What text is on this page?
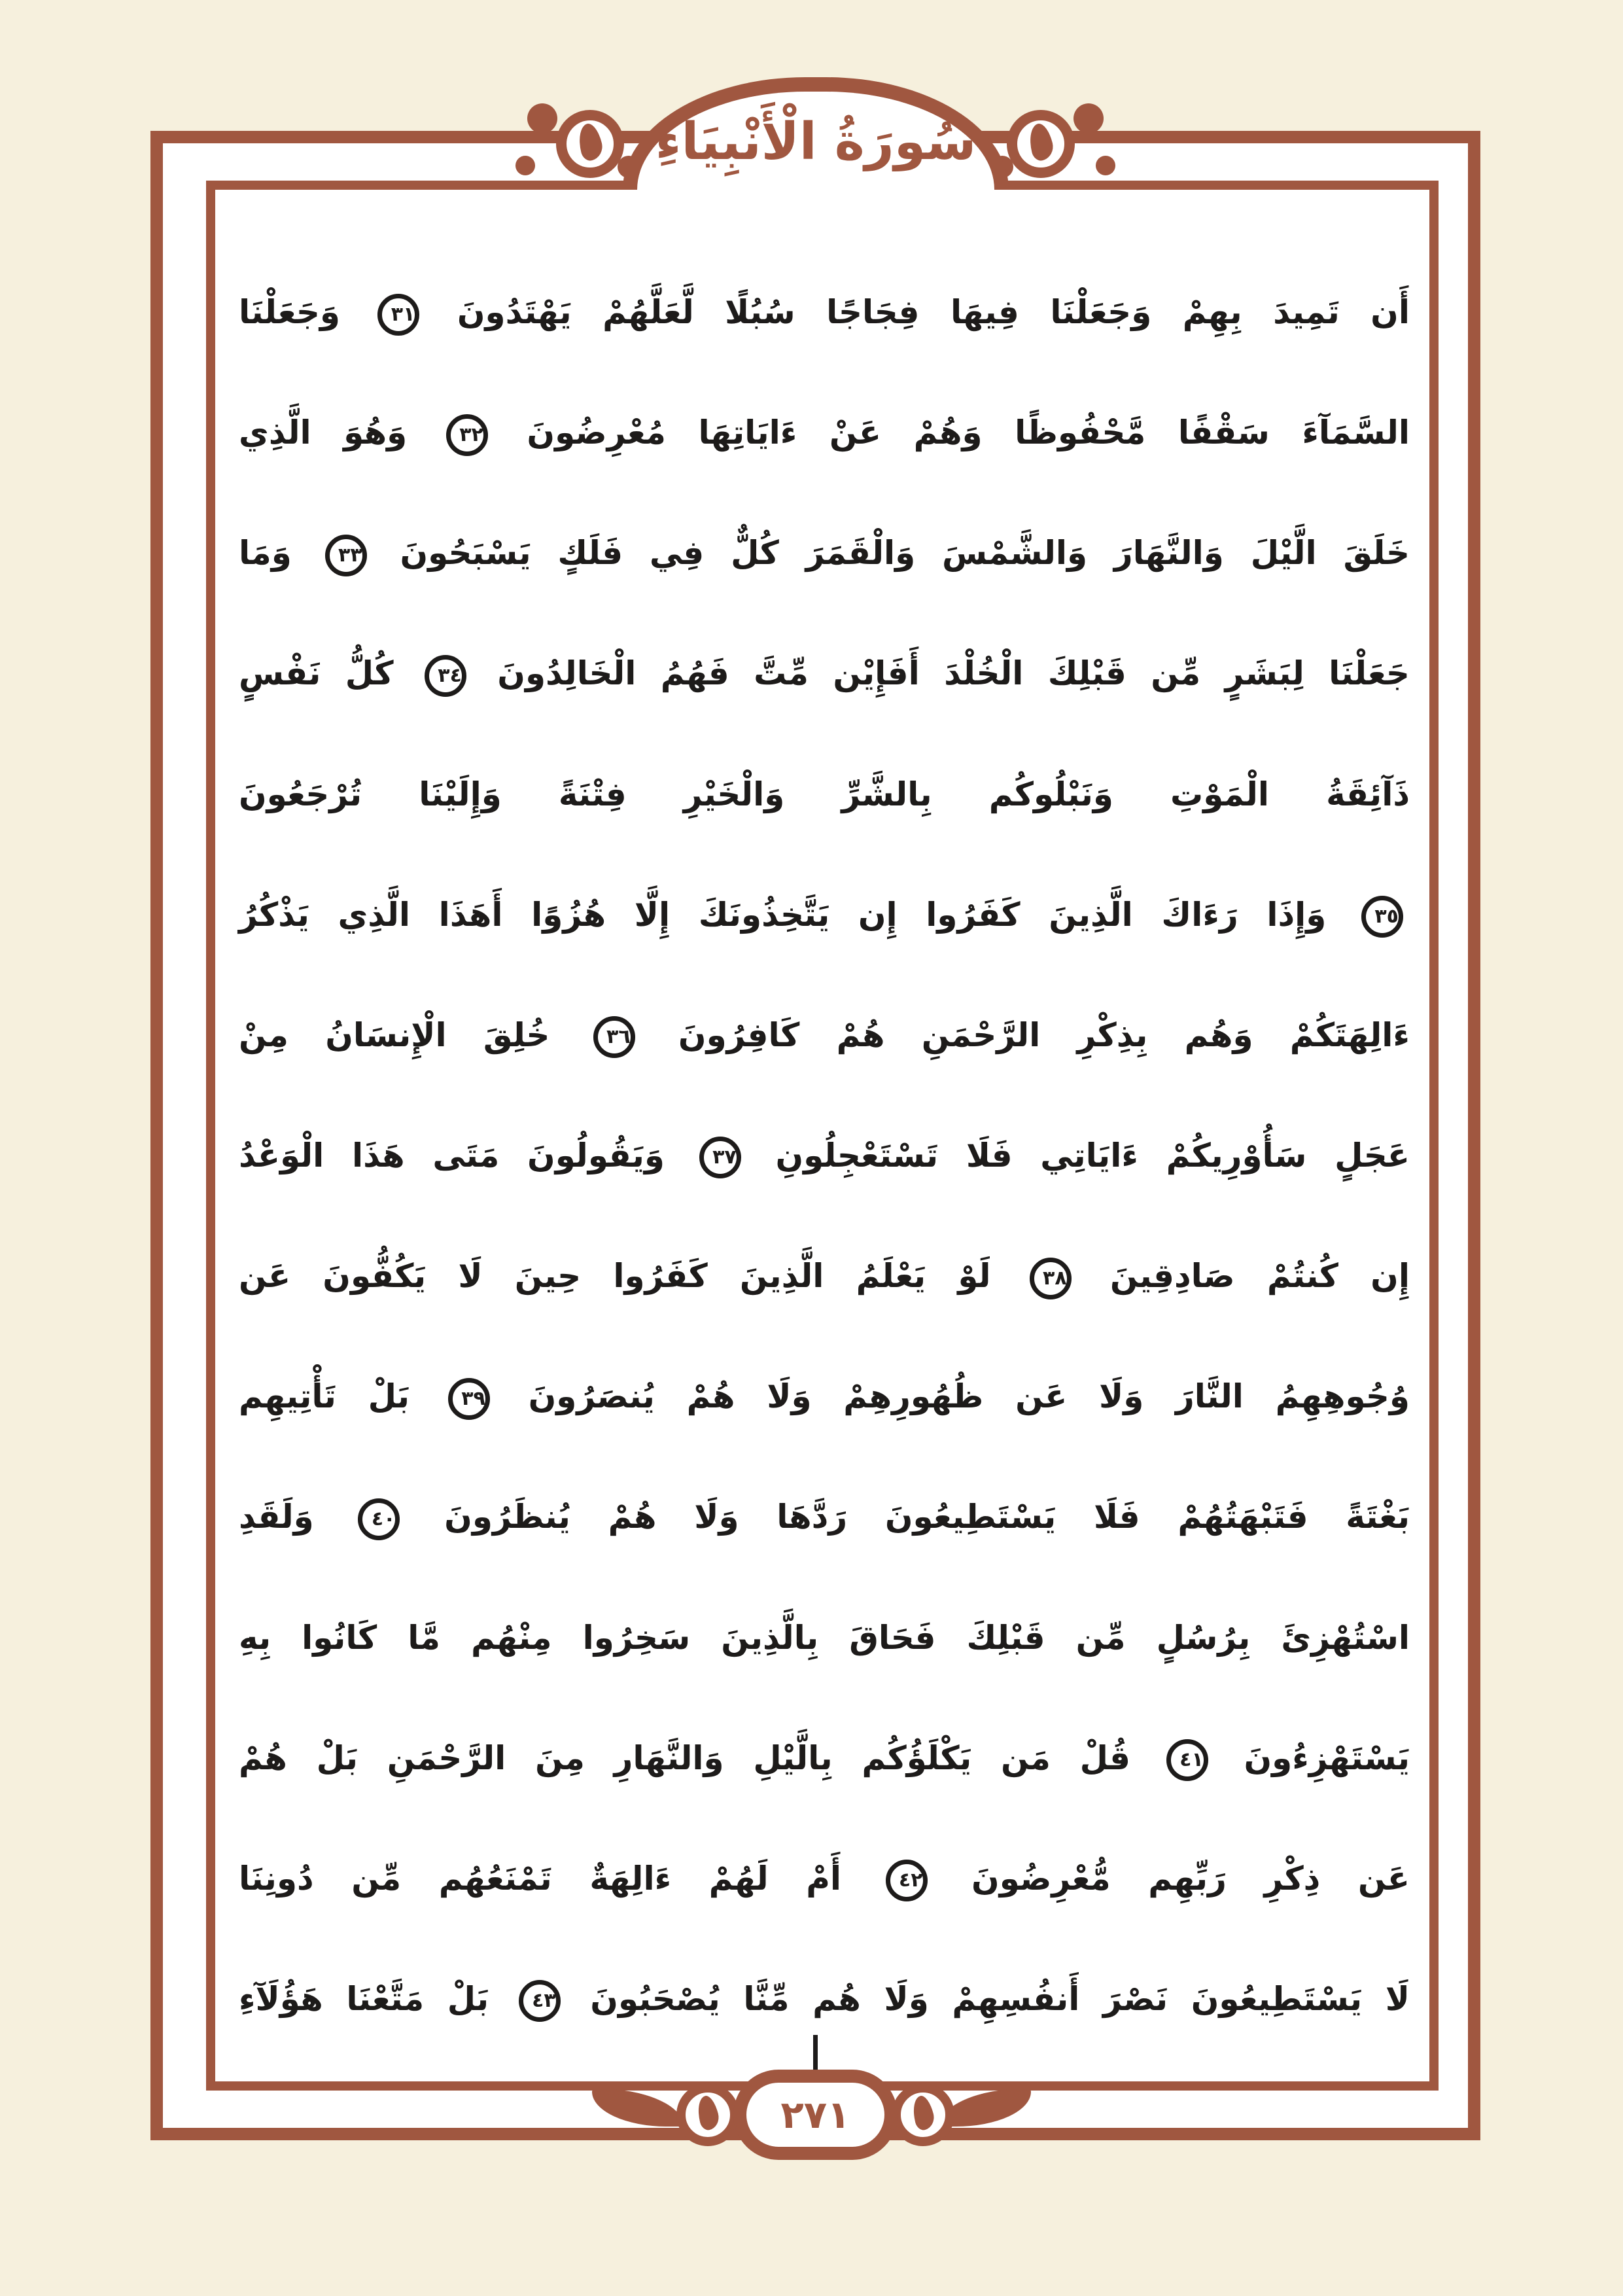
سُورَةُ الْأَنْبِيَاءِ
أَن تَمِيدَ بِهِمْ وَجَعَلْنَا فِيهَا فِجَاجًا سُبُلًا لَّعَلَّهُمْ يَهْتَدُونَ ٣١ وَجَعَلْنَا
السَّمَآءَ سَقْفًا مَّحْفُوظًا وَهُمْ عَنْ ءَايَاتِهَا مُعْرِضُونَ ٣٢ وَهُوَ الَّذِي
خَلَقَ الَّيْلَ وَالنَّهَارَ وَالشَّمْسَ وَالْقَمَرَ كُلٌّ فِي فَلَكٍ يَسْبَحُونَ ٣٣ وَمَا
جَعَلْنَا لِبَشَرٍ مِّن قَبْلِكَ الْخُلْدَ أَفَإِيْن مِّتَّ فَهُمُ الْخَالِدُونَ ٣٤ كُلُّ نَفْسٍ
ذَآئِقَةُ الْمَوْتِ وَنَبْلُوكُم بِالشَّرِّ وَالْخَيْرِ فِتْنَةً وَإِلَيْنَا تُرْجَعُونَ
٣٥ وَإِذَا رَءَاكَ الَّذِينَ كَفَرُوا إِن يَتَّخِذُونَكَ إِلَّا هُزُوًا أَهَذَا الَّذِي يَذْكُرُ
ءَالِهَتَكُمْ وَهُم بِذِكْرِ الرَّحْمَنِ هُمْ كَافِرُونَ ٣٦ خُلِقَ الْإِنسَانُ مِنْ
عَجَلٍ سَأُوْرِيكُمْ ءَايَاتِي فَلَا تَسْتَعْجِلُونِ ٣٧ وَيَقُولُونَ مَتَى هَذَا الْوَعْدُ
إِن كُنتُمْ صَادِقِينَ ٣٨ لَوْ يَعْلَمُ الَّذِينَ كَفَرُوا حِينَ لَا يَكُفُّونَ عَن
وُجُوهِهِمُ النَّارَ وَلَا عَن ظُهُورِهِمْ وَلَا هُمْ يُنصَرُونَ ٣٩ بَلْ تَأْتِيهِم
بَغْتَةً فَتَبْهَتُهُمْ فَلَا يَسْتَطِيعُونَ رَدَّهَا وَلَا هُمْ يُنظَرُونَ ٤٠ وَلَقَدِ
اسْتُهْزِئَ بِرُسُلٍ مِّن قَبْلِكَ فَحَاقَ بِالَّذِينَ سَخِرُوا مِنْهُم مَّا كَانُوا بِهِ
يَسْتَهْزِءُونَ ٤١ قُلْ مَن يَكْلَؤُكُم بِالَّيْلِ وَالنَّهَارِ مِنَ الرَّحْمَنِ بَلْ هُمْ
عَن ذِكْرِ رَبِّهِم مُّعْرِضُونَ ٤٢ أَمْ لَهُمْ ءَالِهَةٌ تَمْنَعُهُم مِّن دُونِنَا
لَا يَسْتَطِيعُونَ نَصْرَ أَنفُسِهِمْ وَلَا هُم مِّنَّا يُصْحَبُونَ ٤٣ بَلْ مَتَّعْنَا هَؤُلَآءِ
٢٧١
